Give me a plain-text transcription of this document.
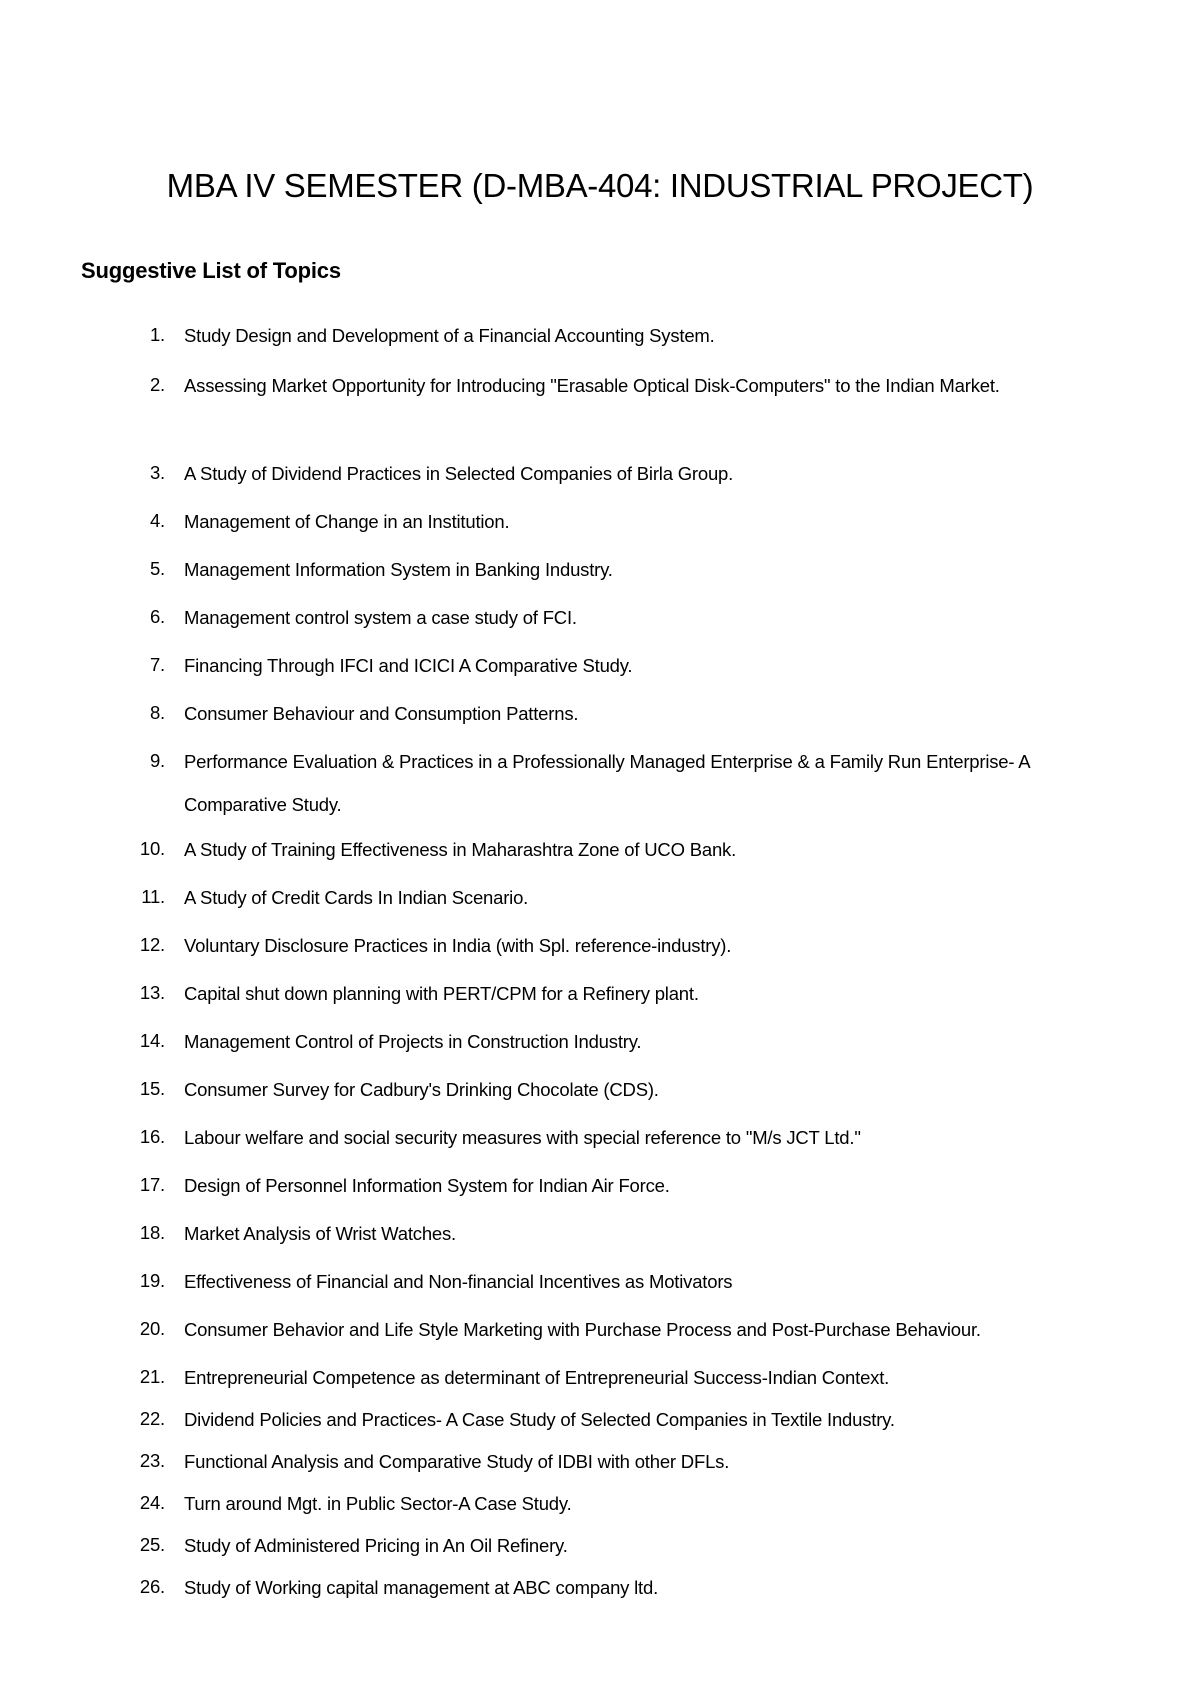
MBA IV SEMESTER (D-MBA-404: INDUSTRIAL PROJECT)
Suggestive List of Topics
1. Study Design and Development of a Financial Accounting System.
2. Assessing Market Opportunity for Introducing "Erasable Optical Disk-Computers" to the Indian Market.
3. A Study of Dividend Practices in Selected Companies of Birla Group.
4. Management of Change in an Institution.
5. Management Information System in Banking Industry.
6. Management control system a case study of FCI.
7. Financing Through IFCI and ICICI A Comparative Study.
8. Consumer Behaviour and Consumption Patterns.
9. Performance Evaluation & Practices in a Professionally Managed Enterprise & a Family Run Enterprise- A Comparative Study.
10. A Study of Training Effectiveness in Maharashtra Zone of UCO Bank.
11. A Study of Credit Cards In Indian Scenario.
12. Voluntary Disclosure Practices in India (with Spl. reference-industry).
13. Capital shut down planning with PERT/CPM for a Refinery plant.
14. Management Control of Projects in Construction Industry.
15. Consumer Survey for Cadbury's Drinking Chocolate (CDS).
16. Labour welfare and social security measures with special reference to "M/s JCT Ltd."
17. Design of Personnel Information System for Indian Air Force.
18. Market Analysis of Wrist Watches.
19. Effectiveness of Financial and Non-financial Incentives as Motivators
20. Consumer Behavior and Life Style Marketing with Purchase Process and Post-Purchase Behaviour.
21. Entrepreneurial Competence as determinant of Entrepreneurial Success-Indian Context.
22. Dividend Policies and Practices- A Case Study of Selected Companies in Textile Industry.
23. Functional Analysis and Comparative Study of IDBI with other DFLs.
24. Turn around Mgt. in Public Sector-A Case Study.
25. Study of Administered Pricing in An Oil Refinery.
26. Study of Working capital management at ABC company ltd.
